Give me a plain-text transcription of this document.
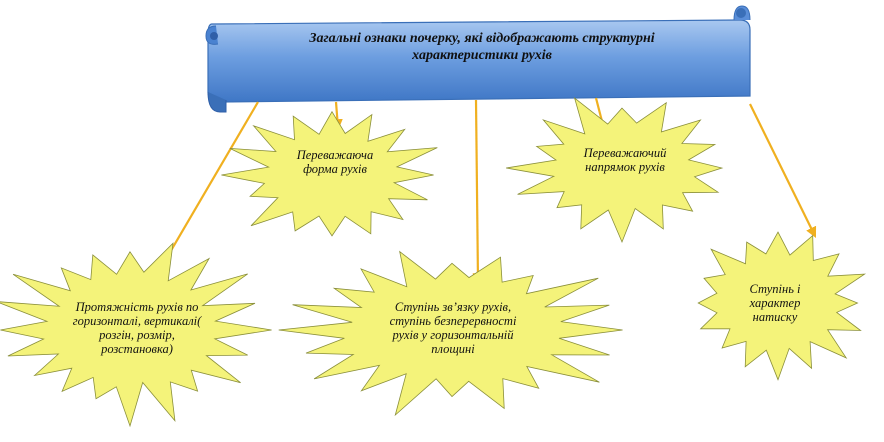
Загальні ознаки почерку, які відображають структурні
характеристики рухів
Переважаюча
форма рухів
Переважаючий
напрямок рухів
Протяжність рухів по
горизонталі, вертикалі(
розгін, розмір,
розстановка)
Ступінь зв’язку рухів,
ступінь безперервності
рухів у горизонтальній
площині
Ступінь і
характер
натиску
